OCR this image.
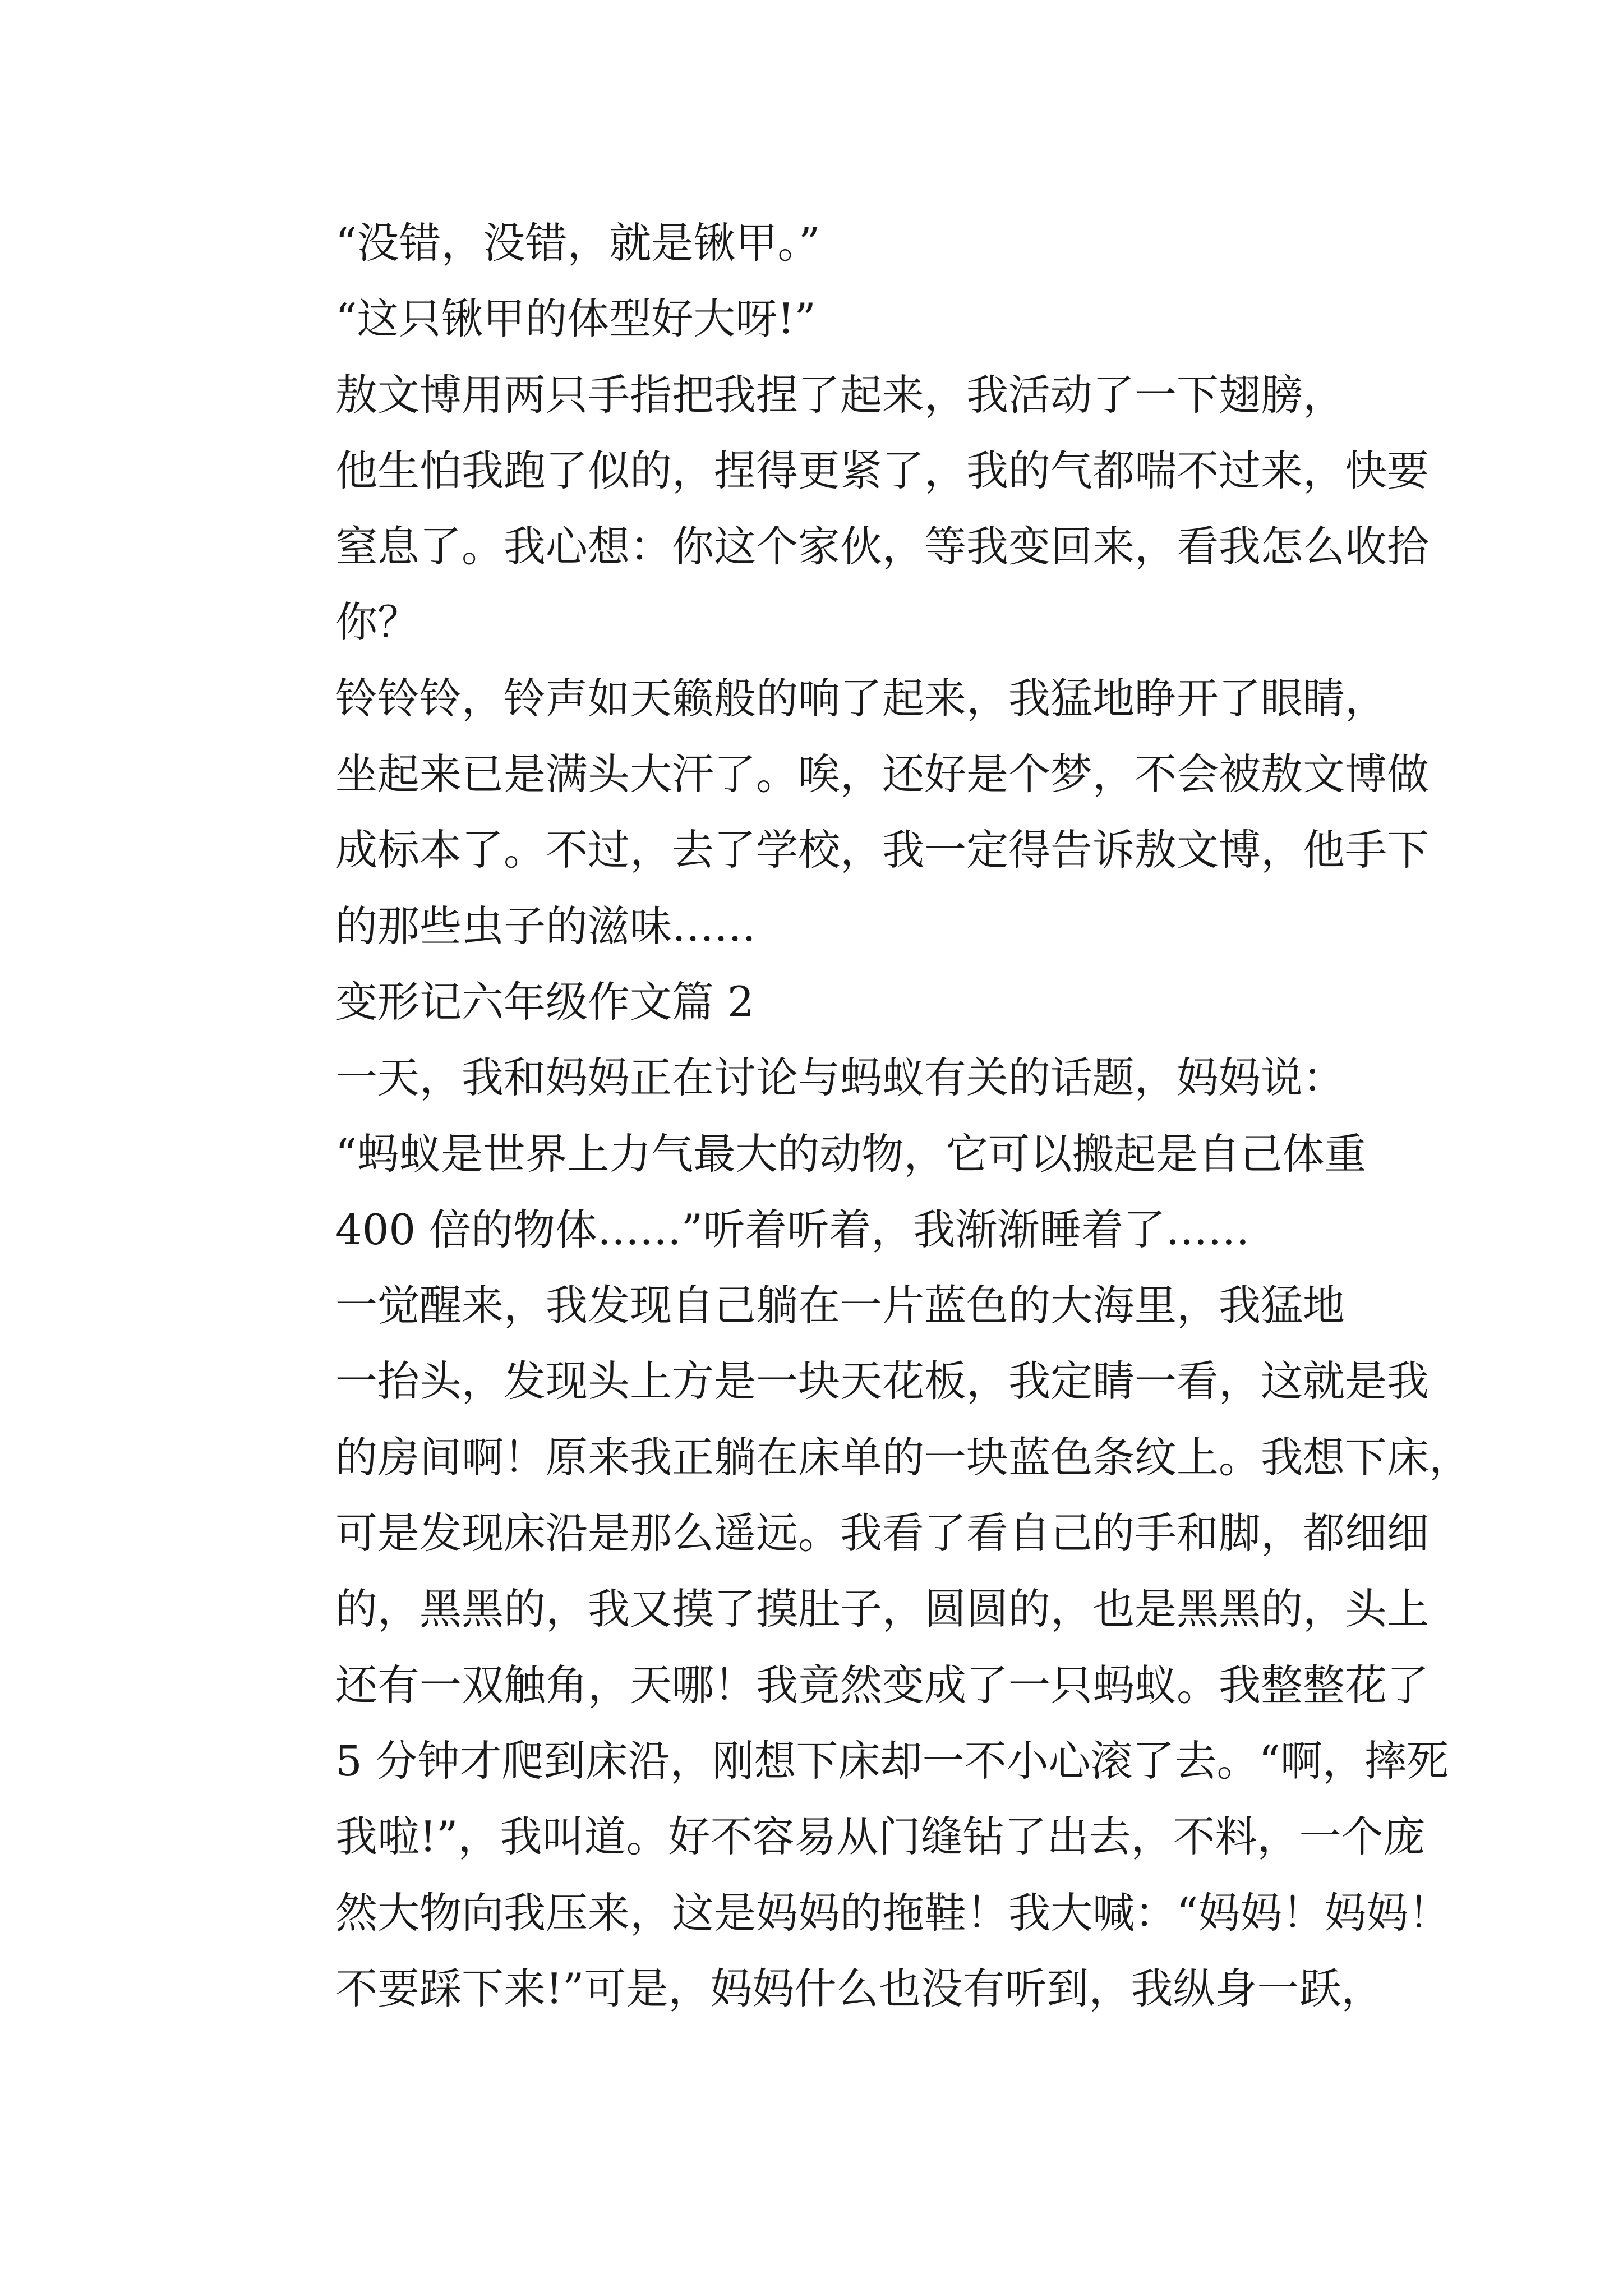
“没错，没错，就是锹甲。”

“这只锹甲的体型好大呀!”

敖文博用两只手指把我捏了起来，我活动了一下翅膀，
他生怕我跑了似的，捏得更紧了，我的气都喘不过来，快要
窒息了。我心想：你这个家伙，等我变回来，看我怎么收拾
你？

铃铃铃，铃声如天籁般的响了起来，我猛地睁开了眼睛，
坐起来已是满头大汗了。唉，还好是个梦，不会被敖文博做
成标本了。不过，去了学校，我一定得告诉敖文博，他手下
的那些虫子的滋味……

变形记六年级作文篇 2

一天，我和妈妈正在讨论与蚂蚁有关的话题，妈妈说：
“蚂蚁是世界上力气最大的动物，它可以搬起是自己体重
400 倍的物体……”听着听着，我渐渐睡着了……

一觉醒来，我发现自己躺在一片蓝色的大海里，我猛地
一抬头，发现头上方是一块天花板，我定睛一看，这就是我
的房间啊！原来我正躺在床单的一块蓝色条纹上。我想下床，
可是发现床沿是那么遥远。我看了看自己的手和脚，都细细
的，黑黑的，我又摸了摸肚子，圆圆的，也是黑黑的，头上
还有一双触角，天哪！我竟然变成了一只蚂蚁。我整整花了
5 分钟才爬到床沿，刚想下床却一不小心滚了去。“啊，摔死
我啦!”，我叫道。好不容易从门缝钻了出去，不料，一个庞
然大物向我压来，这是妈妈的拖鞋！我大喊：“妈妈！妈妈！
不要踩下来!”可是，妈妈什么也没有听到，我纵身一跃，
